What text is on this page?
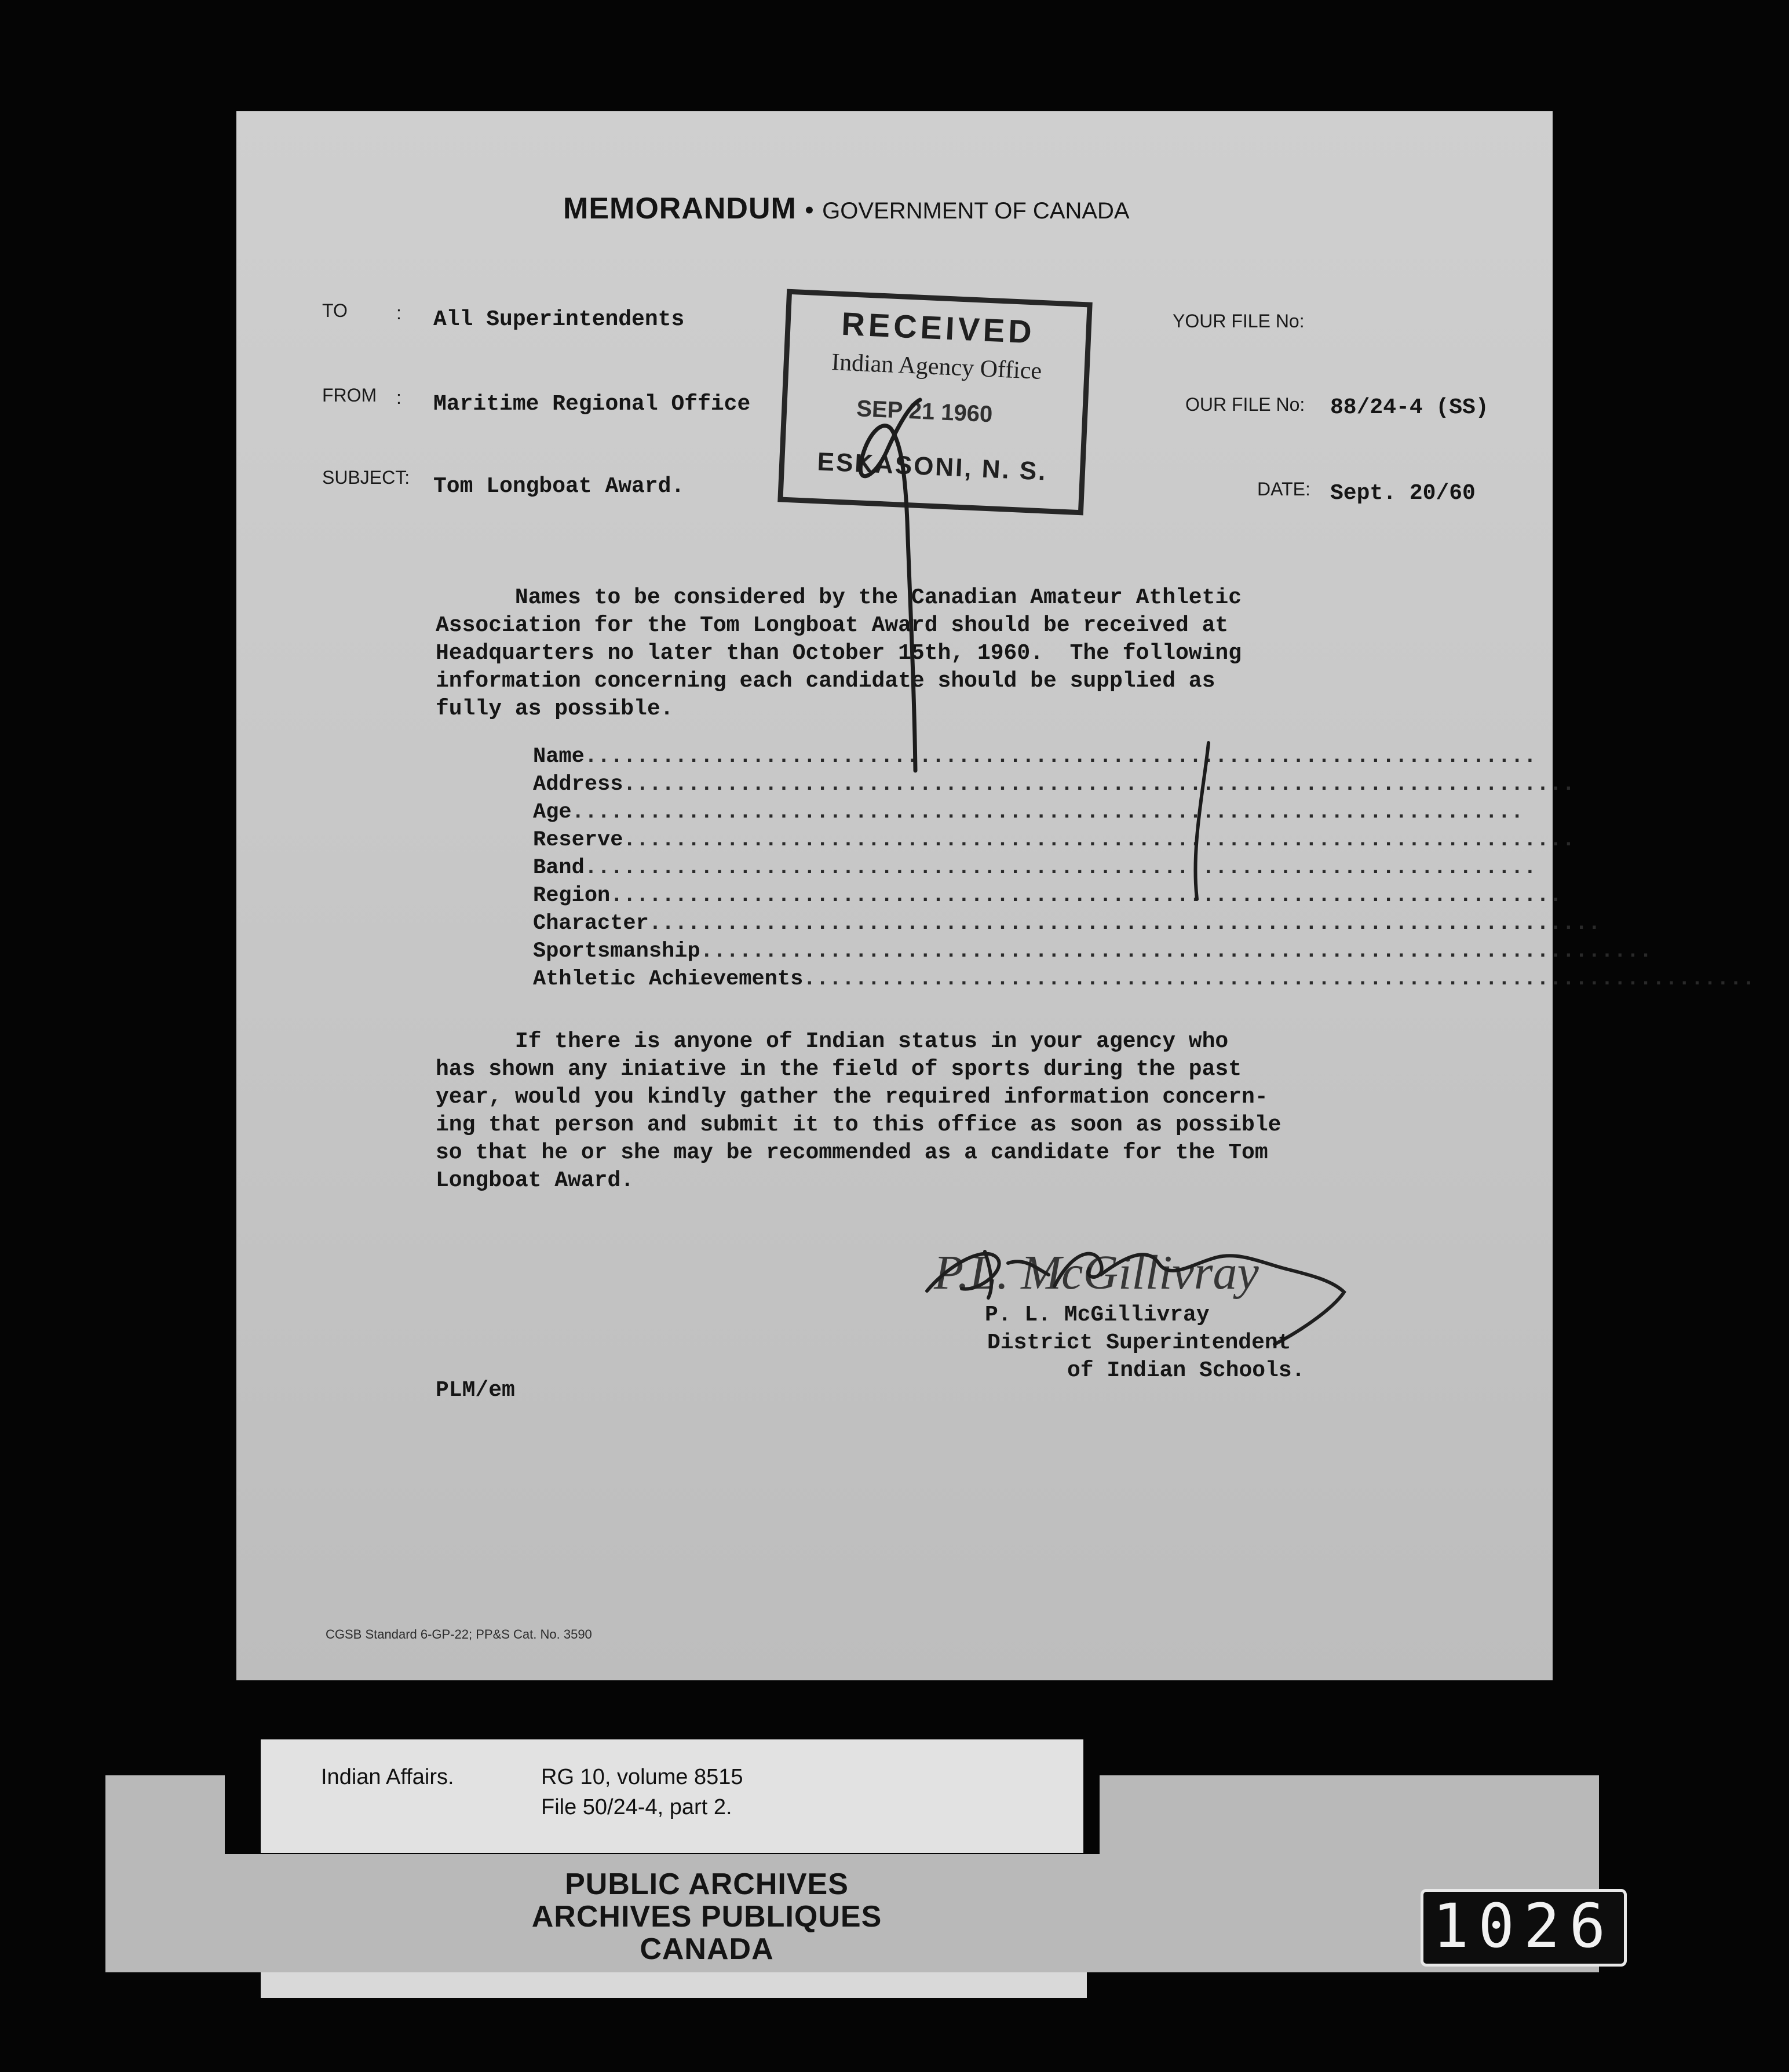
MEMORANDUM • GOVERNMENT OF CANADA
TO	: All Superintendents
FROM : Maritime Regional Office
SUBJECT: Tom Longboat Award.
YOUR FILE No:
OUR FILE No: 88/24-4 (SS)
DATE: Sept. 20/60
RECEIVED
Indian Agency Office
SEP 21 1960
ESKASONI, N. S.
Names to be considered by the Canadian Amateur Athletic
Association for the Tom Longboat Award should be received at
Headquarters no later than October 15th, 1960.  The following
information concerning each candidate should be supplied as
fully as possible.
Name ..........................................................................
Address ..........................................................................
Age ..........................................................................
Reserve ..........................................................................
Band ..........................................................................
Region ..........................................................................
Character ..........................................................................
Sportsmanship ..........................................................................
Athletic Achievements ..........................................................................
If there is anyone of Indian status in your agency who
has shown any iniative in the field of sports during the past
year, would you kindly gather the required information concern-
ing that person and submit it to this office as soon as possible
so that he or she may be recommended as a candidate for the Tom
Longboat Award.
P.L. McGillivray
P. L. McGillivray
District Superintendent
of Indian Schools.
PLM/em
CGSB Standard 6-GP-22; PP&S Cat. No. 3590
Indian Affairs.	RG 10, volume 8515
File 50/24-4, part 2.
PUBLIC ARCHIVES
ARCHIVES PUBLIQUES
CANADA	1026
